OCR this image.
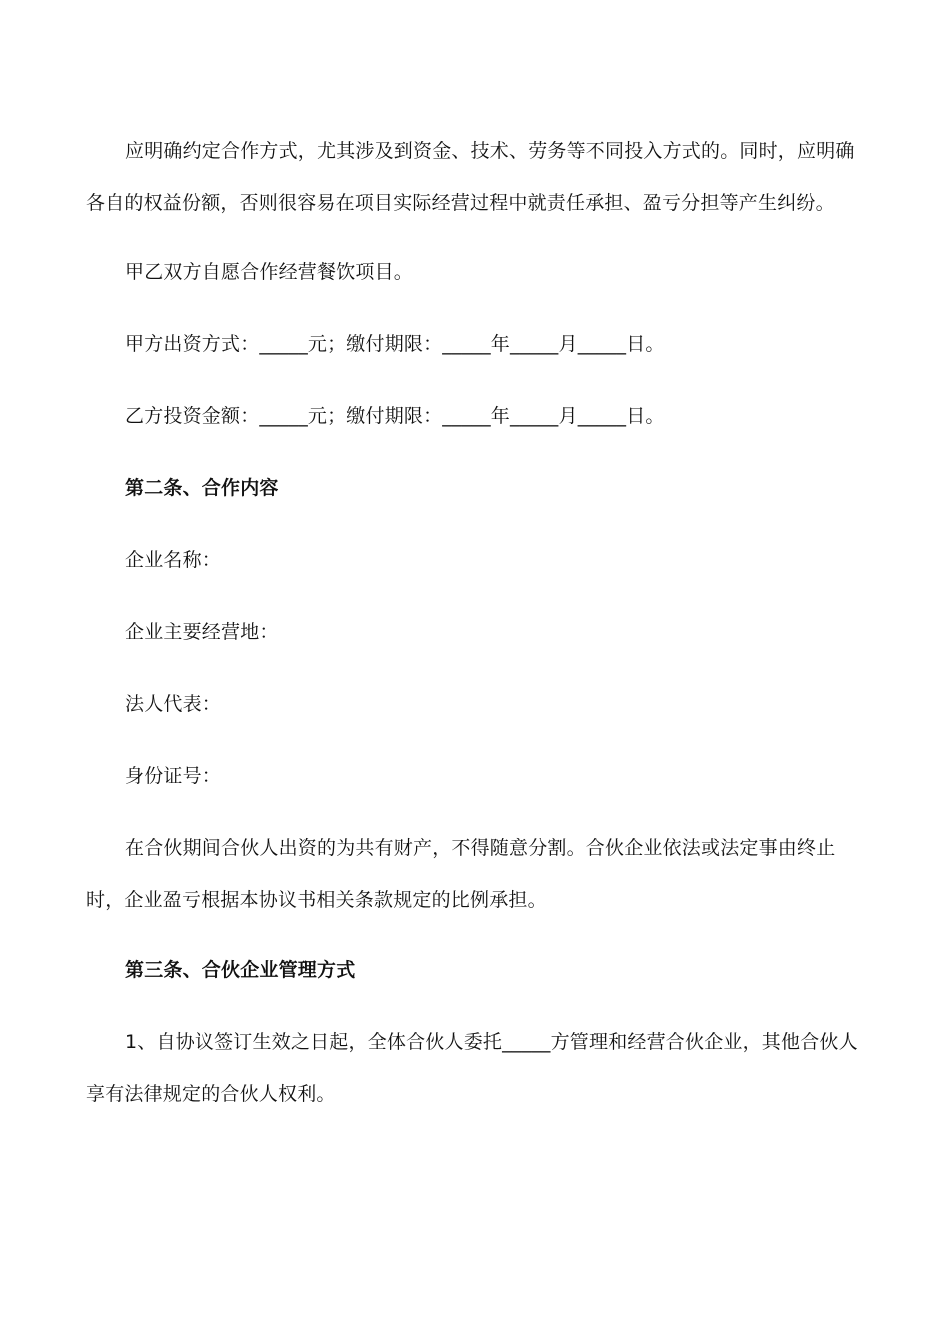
应明确约定合作方式，尤其涉及到资金、技术、劳务等不同投入方式的。同时，应明确各自的权益份额，否则很容易在项目实际经营过程中就责任承担、盈亏分担等产生纠纷。

甲乙双方自愿合作经营餐饮项目。

甲方出资方式：_____元；缴付期限：_____年_____月_____日。

乙方投资金额：_____元；缴付期限：_____年_____月_____日。

第二条、合作内容

企业名称：

企业主要经营地：

法人代表：

身份证号：

在合伙期间合伙人出资的为共有财产，不得随意分割。合伙企业依法或法定事由终止时，企业盈亏根据本协议书相关条款规定的比例承担。

第三条、合伙企业管理方式

1、自协议签订生效之日起，全体合伙人委托_____方管理和经营合伙企业，其他合伙人享有法律规定的合伙人权利。
